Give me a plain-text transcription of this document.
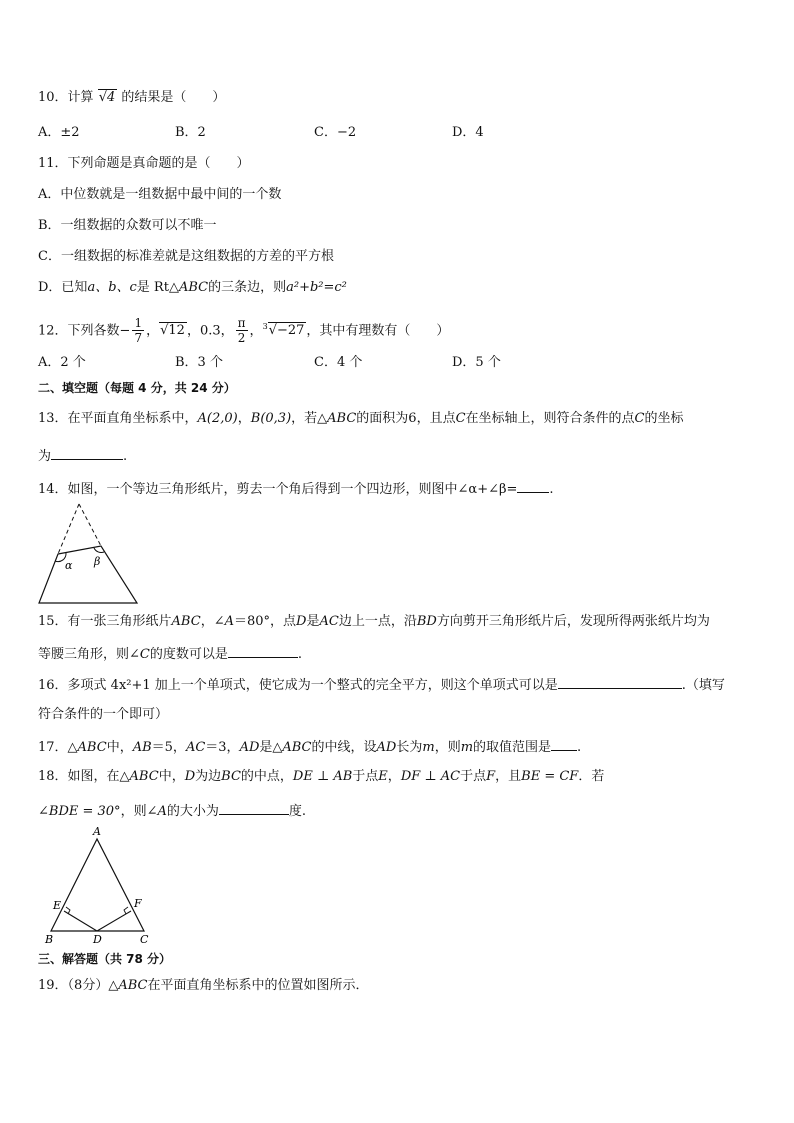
10．计算 √4 的结果是（　　）
A．±2	B．2	C．−2	D．4
11．下列命题是真命题的是（　　）
A．中位数就是一组数据中最中间的一个数
B．一组数据的众数可以不唯一
C．一组数据的标准差就是这组数据的方差的平方根
D．已知a、b、c是 Rt△ABC的三条边，则a²+b²=c²
12．下列各数− $\frac{1}{7}$ ，√12 ，0.3， $\frac{\pi}{2}$ ，$^3$√−27 ，其中有理数有（　　）
A．2 个	B．3 个	C．4 个	D．5 个
二、填空题（每题 4 分，共 24 分）
13．在平面直角坐标系中，A(2,0)，B(0,3)，若△ABC的面积为6，且点C在坐标轴上，则符合条件的点C的坐标
为	.
14．如图，一个等边三角形纸片，剪去一个角后得到一个四边形，则图中∠α+∠β= .
α β
15．有一张三角形纸片ABC，∠A＝80°，点D是AC边上一点，沿BD方向剪开三角形纸片后，发现所得两张纸片均为
等腰三角形，则∠C的度数可以是	.
16．多项式 4x²+1 加上一个单项式，使它成为一个整式的完全平方，则这个单项式可以是	.（填写
符合条件的一个即可）
17．△ABC中，AB＝5，AC＝3，AD是△ABC的中线，设AD长为m，则m的取值范围是 .
18．如图，在△ABC中，D为边BC的中点，DE ⊥ AB于点E，DF ⊥ AC于点F，且BE = CF．若
∠BDE = 30°，则∠A的大小为	度.
A
B	C
D
E	F
三、解答题（共 78 分）
19．（8分）△ABC在平面直角坐标系中的位置如图所示．
